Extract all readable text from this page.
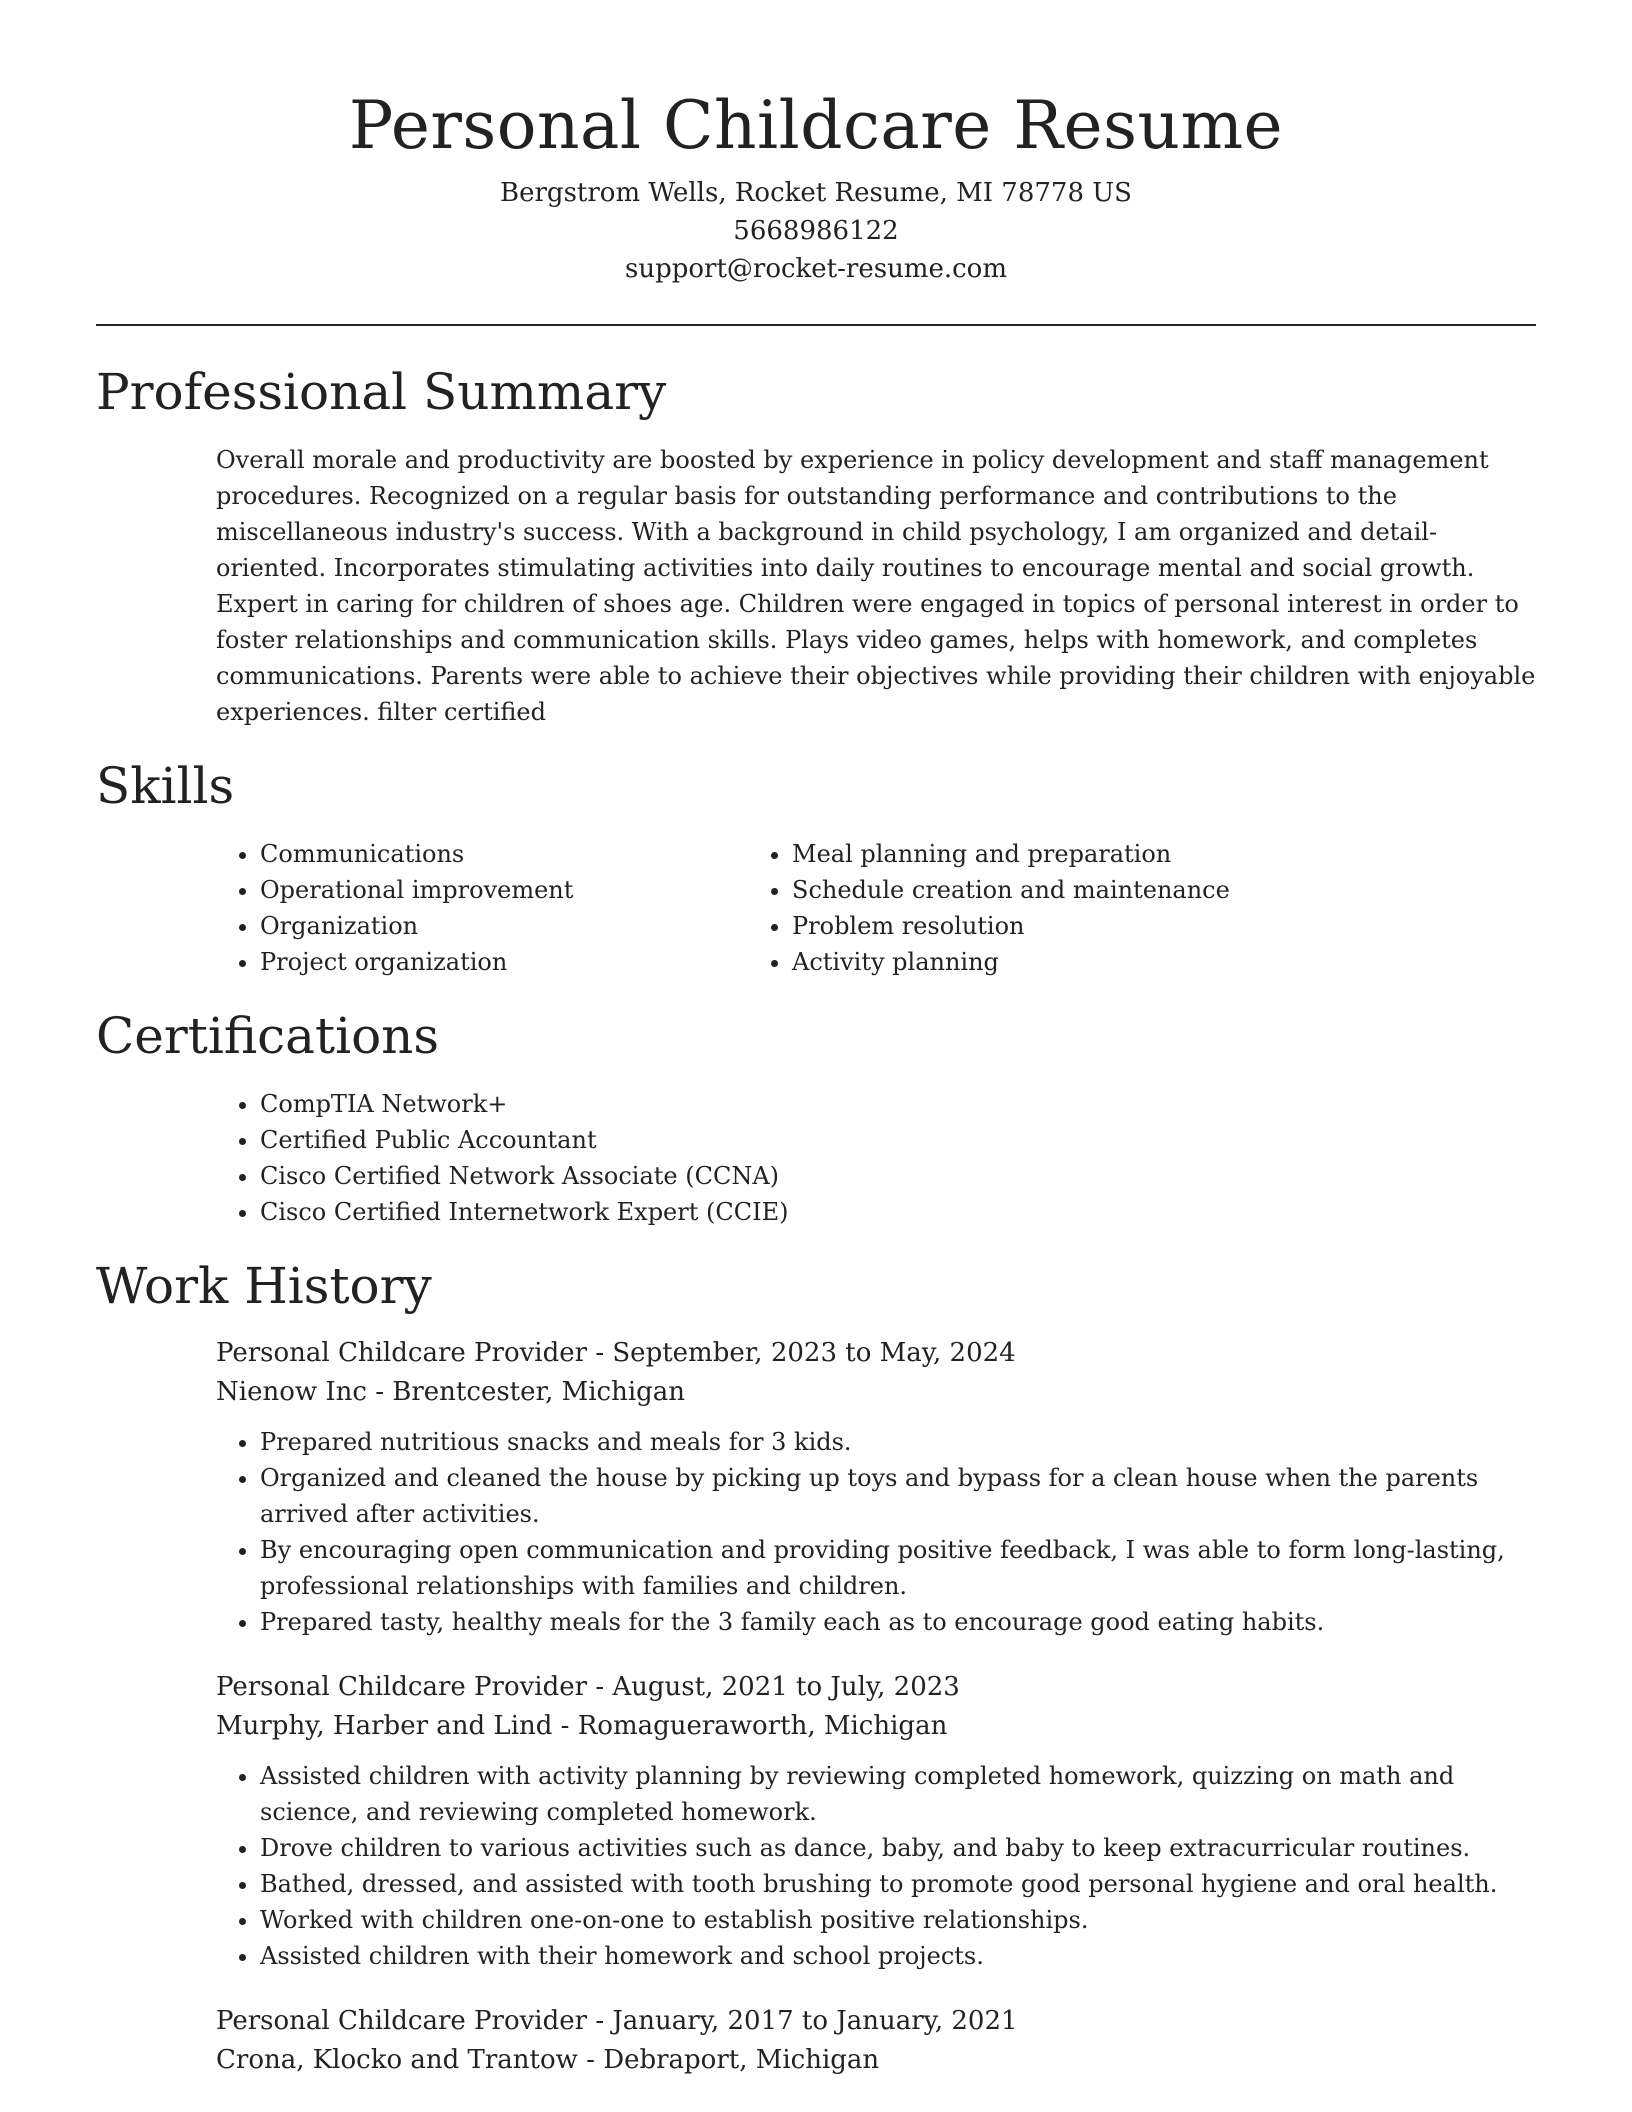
Personal Childcare Resume
Bergstrom Wells, Rocket Resume, MI 78778 US
5668986122
support@rocket-resume.com
Professional Summary

Overall morale and productivity are boosted by experience in policy development and staff management procedures. Recognized on a regular basis for outstanding performance and contributions to the miscellaneous industry's success. With a background in child psychology, I am organized and detail-oriented. Incorporates stimulating activities into daily routines to encourage mental and social growth. Expert in caring for children of shoes age. Children were engaged in topics of personal interest in order to foster relationships and communication skills. Plays video games, helps with homework, and completes communications. Parents were able to achieve their objectives while providing their children with enjoyable experiences. filter certified

Skills
• Communications
• Operational improvement
• Organization
• Project organization
• Meal planning and preparation
• Schedule creation and maintenance
• Problem resolution
• Activity planning
Certifications
• CompTIA Network+
• Certified Public Accountant
• Cisco Certified Network Associate (CCNA)
• Cisco Certified Internetwork Expert (CCIE)
Work History
Personal Childcare Provider - September, 2023 to May, 2024
Nienow Inc - Brentcester, Michigan
• Prepared nutritious snacks and meals for 3 kids.
• Organized and cleaned the house by picking up toys and bypass for a clean house when the parents arrived after activities.
• By encouraging open communication and providing positive feedback, I was able to form long-lasting, professional relationships with families and children.
• Prepared tasty, healthy meals for the 3 family each as to encourage good eating habits.
Personal Childcare Provider - August, 2021 to July, 2023
Murphy, Harber and Lind - Romagueraworth, Michigan
• Assisted children with activity planning by reviewing completed homework, quizzing on math and science, and reviewing completed homework.
• Drove children to various activities such as dance, baby, and baby to keep extracurricular routines.
• Bathed, dressed, and assisted with tooth brushing to promote good personal hygiene and oral health.
• Worked with children one-on-one to establish positive relationships.
• Assisted children with their homework and school projects.
Personal Childcare Provider - January, 2017 to January, 2021
Crona, Klocko and Trantow - Debraport, Michigan
